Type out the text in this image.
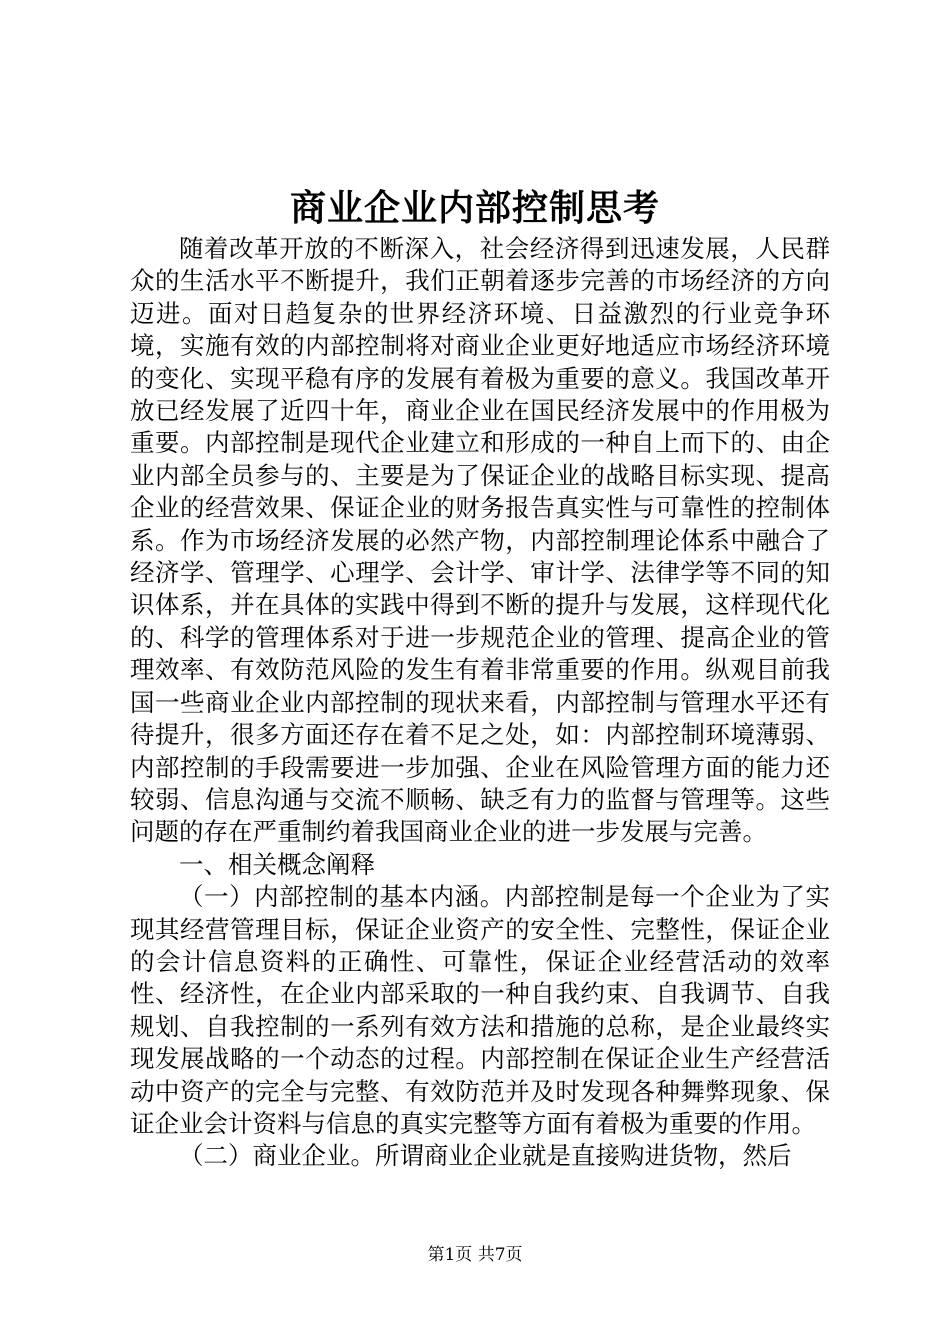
商业企业内部控制思考

随着改革开放的不断深入，社会经济得到迅速发展，人民群众的生活水平不断提升，我们正朝着逐步完善的市场经济的方向迈进。面对日趋复杂的世界经济环境、日益激烈的行业竞争环境，实施有效的内部控制将对商业企业更好地适应市场经济环境的变化、实现平稳有序的发展有着极为重要的意义。我国改革开放已经发展了近四十年，商业企业在国民经济发展中的作用极为重要。内部控制是现代企业建立和形成的一种自上而下的、由企业内部全员参与的、主要是为了保证企业的战略目标实现、提高企业的经营效果、保证企业的财务报告真实性与可靠性的控制体系。作为市场经济发展的必然产物，内部控制理论体系中融合了经济学、管理学、心理学、会计学、审计学、法律学等不同的知识体系，并在具体的实践中得到不断的提升与发展，这样现代化的、科学的管理体系对于进一步规范企业的管理、提高企业的管理效率、有效防范风险的发生有着非常重要的作用。纵观目前我国一些商业企业内部控制的现状来看，内部控制与管理水平还有待提升，很多方面还存在着不足之处，如：内部控制环境薄弱、内部控制的手段需要进一步加强、企业在风险管理方面的能力还较弱、信息沟通与交流不顺畅、缺乏有力的监督与管理等。这些问题的存在严重制约着我国商业企业的进一步发展与完善。

一、相关概念阐释

（一）内部控制的基本内涵。内部控制是每一个企业为了实现其经营管理目标，保证企业资产的安全性、完整性，保证企业的会计信息资料的正确性、可靠性，保证企业经营活动的效率性、经济性，在企业内部采取的一种自我约束、自我调节、自我规划、自我控制的一系列有效方法和措施的总称，是企业最终实现发展战略的一个动态的过程。内部控制在保证企业生产经营活动中资产的完全与完整、有效防范并及时发现各种舞弊现象、保证企业会计资料与信息的真实完整等方面有着极为重要的作用。

（二）商业企业。所谓商业企业就是直接购进货物，然后

第1页 共7页
